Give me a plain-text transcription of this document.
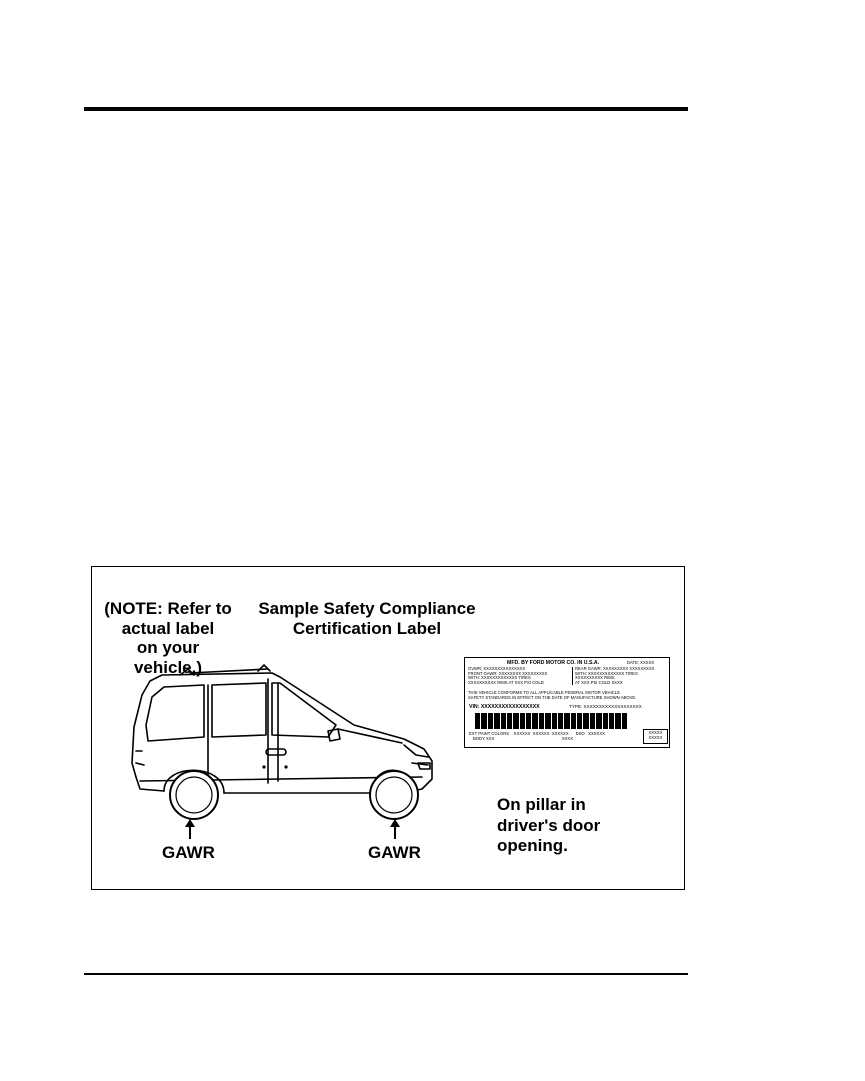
(NOTE: Refer to
actual label
on your
vehicle.)
Sample Safety Compliance
Certification Label
On pillar in
driver's door
opening.
GAWR	GAWR
MFD. BY FORD MOTOR CO. IN U.S.A.	DATE: XXXXX
GVWR: XXXXXXXXXXXXXXX
FRONT GAWR: XXXXXXXX XXXXXXXXX
WITH: XXXXXXXXXXXXX TIRES
XXXXXXXXXX RIMS AT XXX PSI COLD
REAR GAWR: XXXXXXXXX XXXXXXXXX
WITH: XXXXXXXXXXXXX TIRES
XXXXXXXXXX RIMS
AT XXX PSI COLD XXXX
THIS VEHICLE CONFORMS TO ALL APPLICABLE FEDERAL MOTOR VEHICLE
SAFETY STANDARDS IN EFFECT ON THE DATE OF MANUFACTURE SHOWN ABOVE.
VIN: XXXXXXXXXXXXXXXXX	TYPE: XXXXXXXXXXXXXXXXXXX
EXT PAINT COLORS    XXXXXX  XXXXXX  XXXXXX      DSO   XXXXXX
BODY XXX                                                          XXXX
XXXXX
XXXXX
